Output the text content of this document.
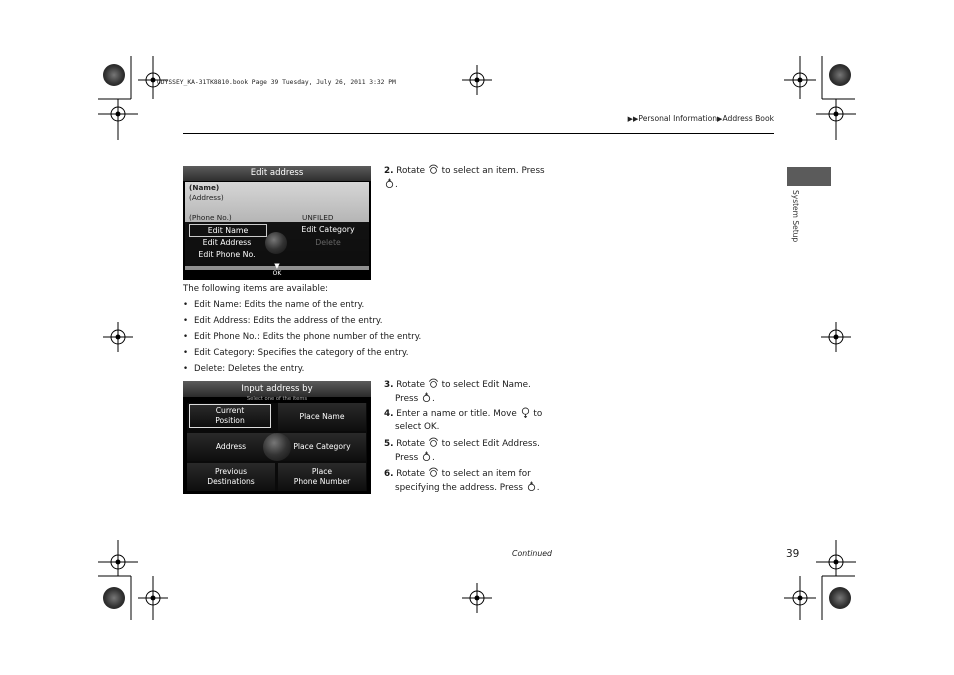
ODYSSEY_KA-31TK8810.book Page 39 Tuesday, July 26, 2011 3:32 PM
▶▶Personal Information▶Address Book
System Setup
Edit address
(Name)
(Address)
(Phone No.)	UNFILED
Edit Name	Edit Category
Edit Address	Delete
Edit Phone No.
▼
OK
2. Rotate to select an item. Press
.
The following items are available:
• Edit Name: Edits the name of the entry.
• Edit Address: Edits the address of the entry.
• Edit Phone No.: Edits the phone number of the entry.
• Edit Category: Specifies the category of the entry.
• Delete: Deletes the entry.
Input address by
Select one of the items
Current
Position	Place Name
Address	Place Category
Previous
Destinations
Place
Phone Number
3. Rotate to select Edit Name.
Press .
4. Enter a name or title. Move to
select OK.
5. Rotate to select Edit Address.
Press .
6. Rotate to select an item for
specifying the address. Press .
Continued	39
